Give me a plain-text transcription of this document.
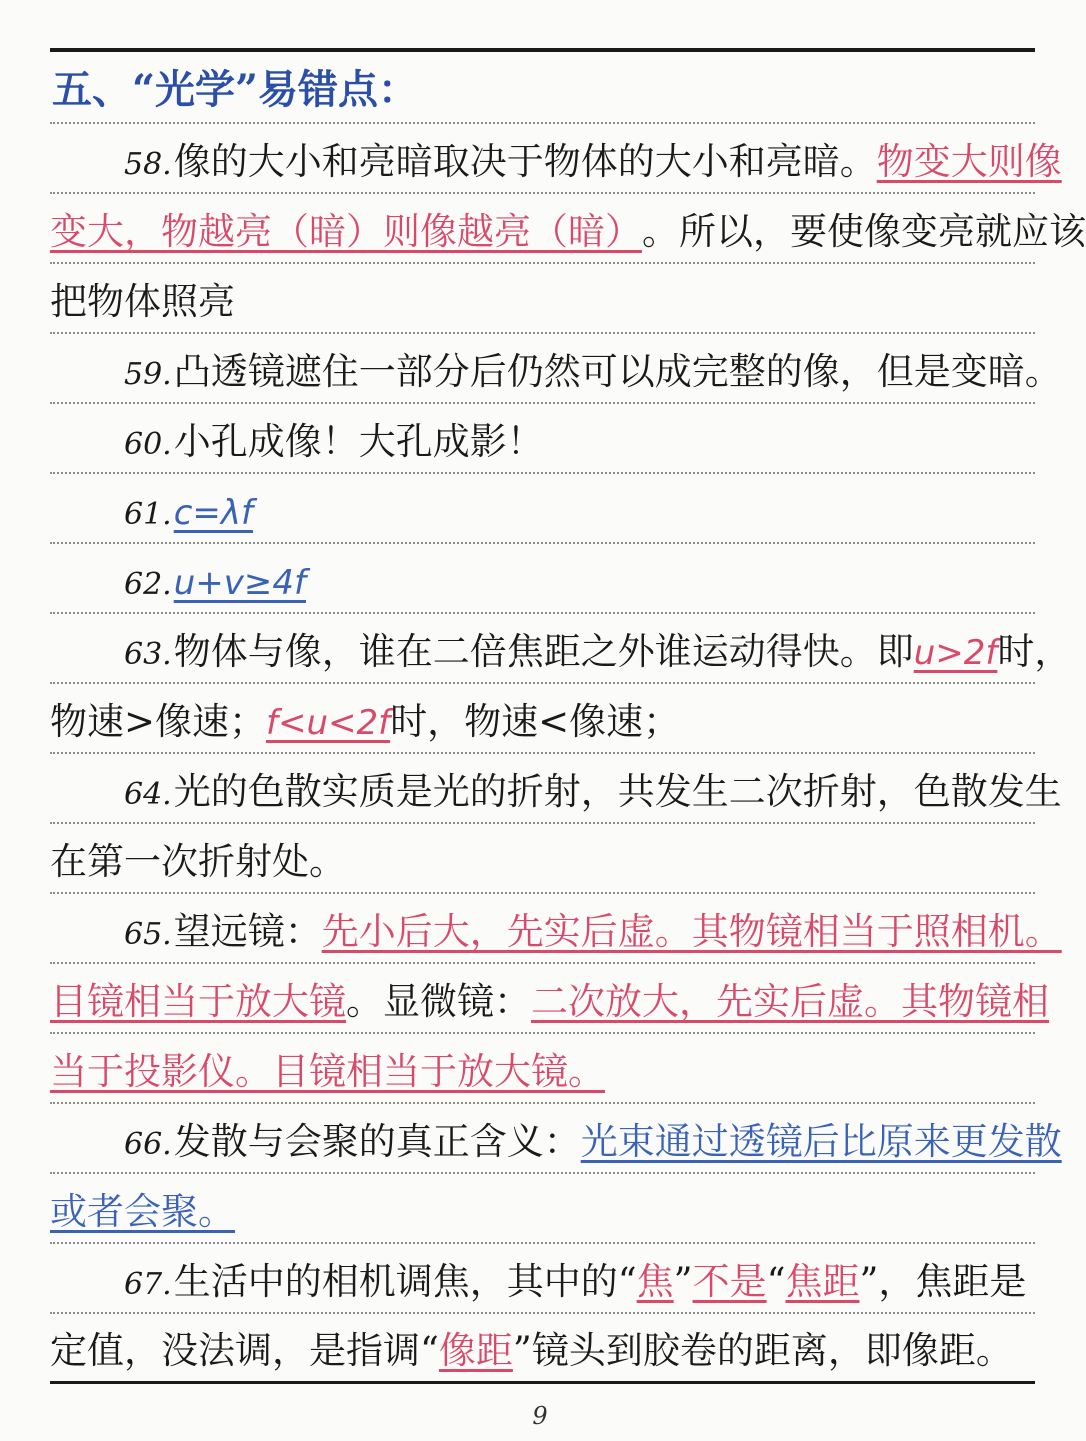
五、“光学”易错点：
58. 像的大小和亮暗取决于物体的大小和亮暗。 物变大则像
变大，物越亮（暗）则像越亮（暗） 。所以，要使像变亮就应该
把物体照亮
59. 凸透镜遮住一部分后仍然可以成完整的像，但是变暗。
60. 小孔成像！大孔成影！
61. c=λf
62. u+v≥4f
63. 物体与像，谁在二倍焦距之外谁运动得快。即 u>2f 时，
物速>像速； f<u<2f 时，物速<像速；
64. 光的色散实质是光的折射，共发生二次折射，色散发生
在第一次折射处。
65. 望远镜： 先小后大，先实后虚。其物镜相当于照相机。
目镜相当于放大镜 。显微镜： 二次放大，先实后虚。其物镜相
当于投影仪。目镜相当于放大镜。
66. 发散与会聚的真正含义： 光束通过透镜后比原来更发散
或者会聚。
67. 生活中的相机调焦，其中的“ 焦 ” 不是 “ 焦距 ”，焦距是
定值，没法调，是指调“ 像距 ”镜头到胶卷的距离，即像距。
9
